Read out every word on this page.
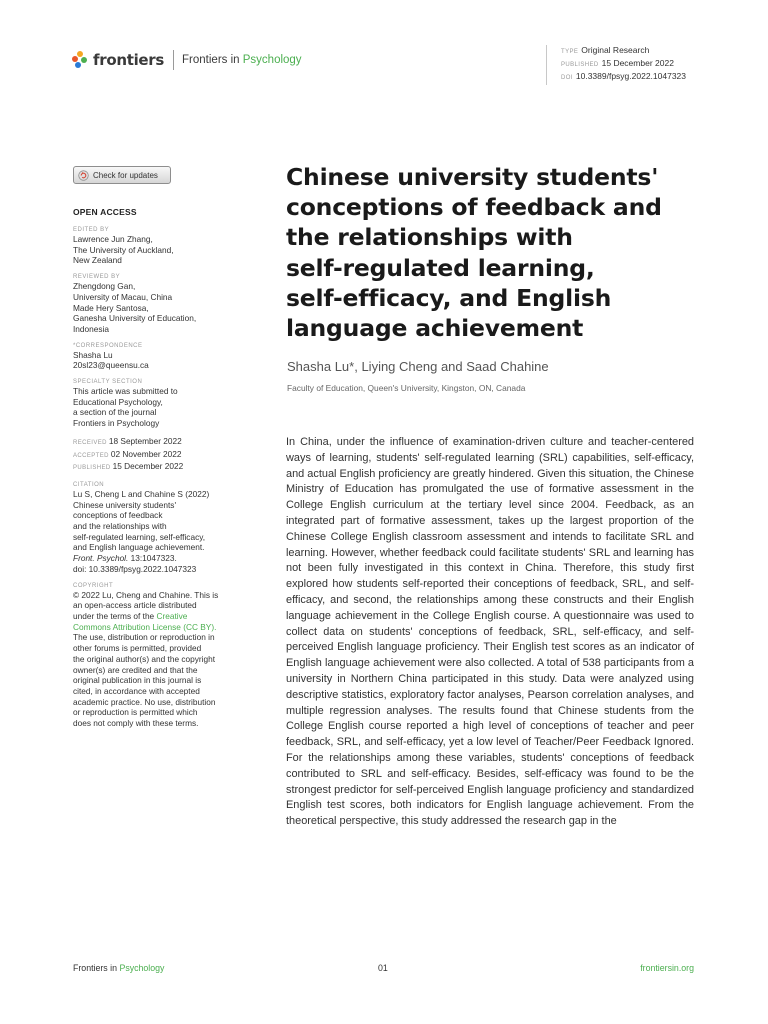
frontiers Frontiers in Psychology
TYPE Original Research
PUBLISHED 15 December 2022
DOI 10.3389/fpsyg.2022.1047323
Check for updates
OPEN ACCESS
EDITED BY
Lawrence Jun Zhang,
The University of Auckland,
New Zealand
REVIEWED BY
Zhengdong Gan,
University of Macau, China
Made Hery Santosa,
Ganesha University of Education,
Indonesia
*CORRESPONDENCE
Shasha Lu
20sl23@queensu.ca
SPECIALTY SECTION
This article was submitted to
Educational Psychology,
a section of the journal
Frontiers in Psychology
RECEIVED 18 September 2022
ACCEPTED 02 November 2022
PUBLISHED 15 December 2022
CITATION
Lu S, Cheng L and Chahine S (2022)
Chinese university students'
conceptions of feedback
and the relationships with
self-regulated learning, self-efficacy,
and English language achievement.
Front. Psychol. 13:1047323.
doi: 10.3389/fpsyg.2022.1047323
COPYRIGHT
© 2022 Lu, Cheng and Chahine. This is
an open-access article distributed
under the terms of the Creative
Commons Attribution License (CC BY).
The use, distribution or reproduction in
other forums is permitted, provided
the original author(s) and the copyright
owner(s) are credited and that the
original publication in this journal is
cited, in accordance with accepted
academic practice. No use, distribution
or reproduction is permitted which
does not comply with these terms.
Chinese university students'
conceptions of feedback and
the relationships with
self-regulated learning,
self-efficacy, and English
language achievement
Shasha Lu*, Liying Cheng and Saad Chahine
Faculty of Education, Queen's University, Kingston, ON, Canada

In China, under the influence of examination-driven culture and teacher-centered ways of learning, students' self-regulated learning (SRL) capabilities, self-efficacy, and actual English proficiency are greatly hindered. Given this situation, the Chinese Ministry of Education has promulgated the use of formative assessment in the College English curriculum at the tertiary level since 2004. Feedback, as an integrated part of formative assessment, takes up the largest proportion of the Chinese College English classroom assessment and intends to facilitate SRL and learning. However, whether feedback could facilitate students' SRL and learning has not been fully investigated in this context in China. Therefore, this study first explored how students self-reported their conceptions of feedback, SRL, and self-efficacy, and second, the relationships among these constructs and their English language achievement in the College English course. A questionnaire was used to collect data on students' conceptions of feedback, SRL, self-efficacy, and self-perceived English language proficiency. Their English test scores as an indicator of English language achievement were also collected. A total of 538 participants from a university in Northern China participated in this study. Data were analyzed using descriptive statistics, exploratory factor analyses, Pearson correlation analyses, and multiple regression analyses. The results found that Chinese students from the College English course reported a high level of conceptions of teacher and peer feedback, SRL, and self-efficacy, yet a low level of Teacher/Peer Feedback Ignored. For the relationships among these variables, students' conceptions of feedback contributed to SRL and self-efficacy. Besides, self-efficacy was found to be the strongest predictor for self-perceived English language proficiency and standardized English test scores, both indicators for English language achievement. From the theoretical perspective, this study addressed the research gap in the

Frontiers in Psychology	01	frontiersin.org
